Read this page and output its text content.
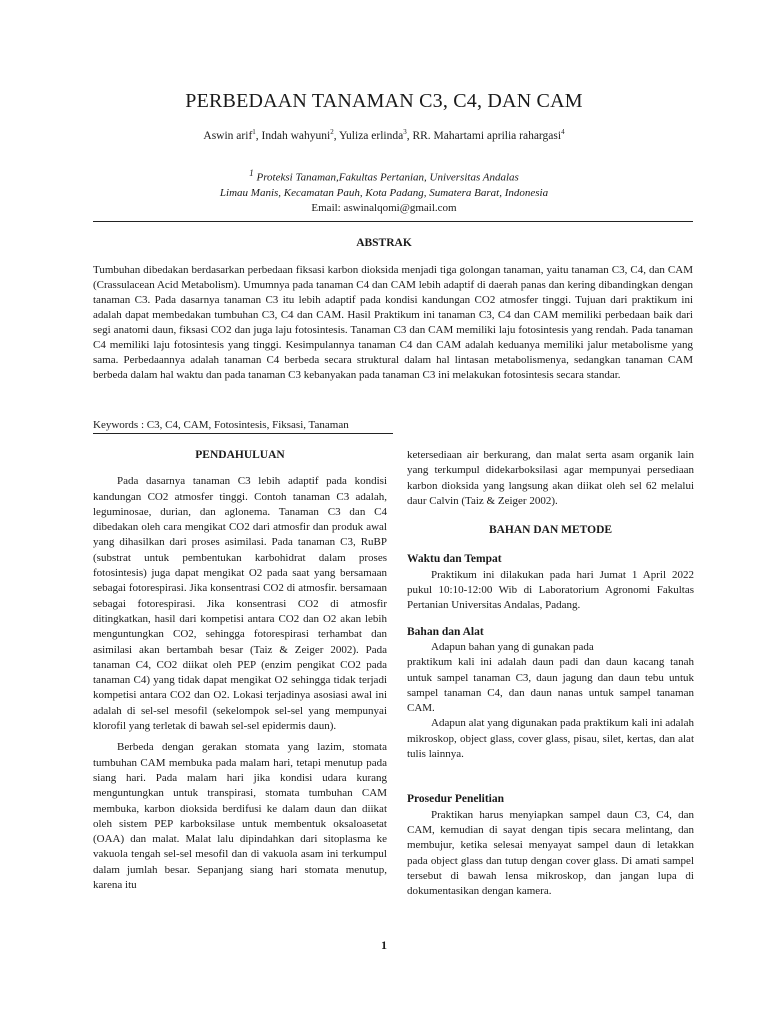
PERBEDAAN TANAMAN C3, C4, DAN CAM
Aswin arif$^1$, Indah wahyuni$^2$, Yuliza erlinda$^3$, RR. Mahartami aprilia rahargasi$^4$
$^1$ Proteksi Tanaman,Fakultas Pertanian, Universitas Andalas
Limau Manis, Kecamatan Pauh, Kota Padang, Sumatera Barat, Indonesia
Email: aswinalqomi@gmail.com
ABSTRAK

Tumbuhan dibedakan berdasarkan perbedaan fiksasi karbon dioksida menjadi tiga golongan tanaman, yaitu tanaman C3, C4, dan CAM (Crassulacean Acid Metabolism). Umumnya pada tanaman C4 dan CAM lebih adaptif di daerah panas dan kering dibandingkan dengan tanaman C3. Pada dasarnya tanaman C3 itu lebih adaptif pada kondisi kandungan CO2 atmosfer tinggi. Tujuan dari praktikum ini adalah dapat membedakan tumbuhan C3, C4 dan CAM. Hasil Praktikum ini tanaman C3, C4 dan CAM memiliki perbedaan baik dari segi anatomi daun, fiksasi CO2 dan juga laju fotosintesis. Tanaman C3 dan CAM memiliki laju fotosintesis yang rendah. Pada tanaman C4 memiliki laju fotosintesis yang tinggi. Kesimpulannya tanaman C4 dan CAM adalah keduanya memiliki jalur metabolisme yang sama. Perbedaannya adalah tanaman C4 berbeda secara struktural dalam hal lintasan metabolismenya, sedangkan tanaman CAM berbeda dalam hal waktu dan pada tanaman C3 kebanyakan pada tanaman C3 ini melakukan fotosintesis secara standar.

Keywords : C3, C4, CAM, Fotosintesis, Fiksasi, Tanaman

PENDAHULUAN

Pada dasarnya tanaman C3 lebih adaptif pada kondisi kandungan CO2 atmosfer tinggi. Contoh tanaman C3 adalah, leguminosae, durian, dan aglonema. Tanaman C3 dan C4 dibedakan oleh cara mengikat CO2 dari atmosfir dan produk awal yang dihasilkan dari proses asimilasi. Pada tanaman C3, RuBP (substrat untuk pembentukan karbohidrat dalam proses fotosintesis) juga dapat mengikat O2 pada saat yang bersamaan sebagai fotorespirasi. Jika konsentrasi CO2 di atmosfir. bersamaan sebagai fotorespirasi. Jika konsentrasi CO2 di atmosfir ditingkatkan, hasil dari kompetisi antara CO2 dan O2 akan lebih menguntungkan CO2, sehingga fotorespirasi terhambat dan asimilasi akan bertambah besar (Taiz & Zeiger 2002). Pada tanaman C4, CO2 diikat oleh PEP (enzim pengikat CO2 pada tanaman C4) yang tidak dapat mengikat O2 sehingga tidak terjadi kompetisi antara CO2 dan O2. Lokasi terjadinya asosiasi awal ini adalah di sel-sel mesofil (sekelompok sel-sel yang mempunyai klorofil yang terletak di bawah sel-sel epidermis daun).

Berbeda dengan gerakan stomata yang lazim, stomata tumbuhan CAM membuka pada malam hari, tetapi menutup pada siang hari. Pada malam hari jika kondisi udara kurang menguntungkan untuk transpirasi, stomata tumbuhan CAM membuka, karbon dioksida berdifusi ke dalam daun dan diikat oleh sistem PEP karboksilase untuk membentuk oksaloasetat (OAA) dan malat. Malat lalu dipindahkan dari sitoplasma ke vakuola tengah sel-sel mesofil dan di vakuola asam ini terkumpul dalam jumlah besar. Sepanjang siang hari stomata menutup, karena itu

ketersediaan air berkurang, dan malat serta asam organik lain yang terkumpul didekarboksilasi agar mempunyai persediaan karbon dioksida yang langsung akan diikat oleh sel 62 melalui daur Calvin (Taiz & Zeiger 2002).

BAHAN DAN METODE

Waktu dan Tempat

Praktikum ini dilakukan pada hari Jumat 1 April 2022 pukul 10:10-12:00 Wib di Laboratorium Agronomi Fakultas Pertanian Universitas Andalas, Padang.

Bahan dan Alat

Adapun bahan yang di gunakan pada

praktikum kali ini adalah daun padi dan daun kacang tanah untuk sampel tanaman C3, daun jagung dan daun tebu untuk sampel tanaman C4, dan daun nanas untuk sampel tanaman CAM.

Adapun alat yang digunakan pada praktikum kali ini adalah mikroskop, object glass, cover glass, pisau, silet, kertas, dan alat tulis lainnya.

Prosedur Penelitian

Praktikan harus menyiapkan sampel daun C3, C4, dan CAM, kemudian di sayat dengan tipis secara melintang, dan membujur, ketika selesai menyayat sampel daun di letakkan pada object glass dan tutup dengan cover glass. Di amati sampel tersebut di bawah lensa mikroskop, dan jangan lupa di dokumentasikan dengan kamera.

1
